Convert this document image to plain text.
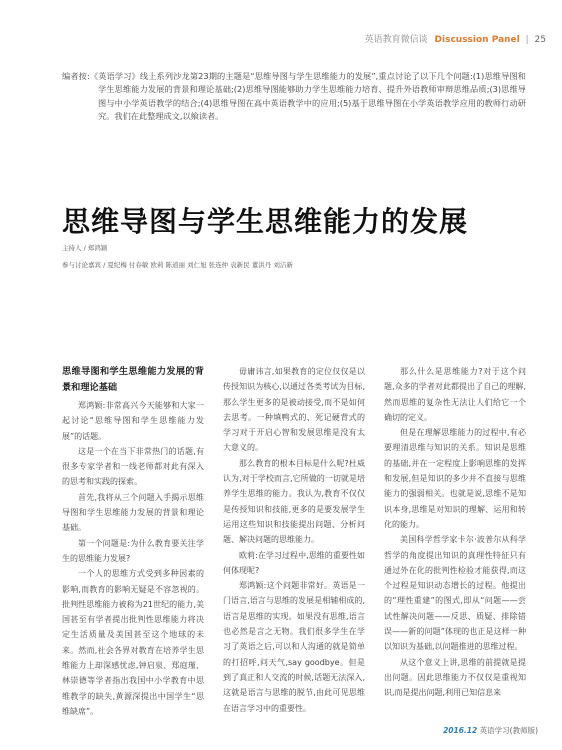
英语教育微信谈 Discussion Panel | 25
编者按:《英语学习》线上系列沙龙第23期的主题是“思维导图与学生思维能力的发展”,重点讨论了以下几个问题:(1)思维导图和学生思维能力发展的背景和理论基础;(2)思维导图能够助力学生思维能力培育、提升外语教师审辩思维品质;(3)思维导图与中小学英语教学的结合;(4)思维导图在高中英语教学中的应用;(5)基于思维导图在小学英语教学应用的教师行动研究。我们在此整理成文,以飨读者。
思维导图与学生思维能力的发展
主持人 / 郑鸿颖
参与讨论嘉宾 / 夏纪梅 付春敏 欧莉 陈道丽 刘仁旭 张连仲 袁新民 董洪丹 刘洁新
思维导图和学生思维能力发展的背景和理论基础

郑鸿颖:非常高兴今天能够和大家一起讨论“思维导图和学生思维能力发展”的话题。

这是一个在当下非常热门的话题,有很多专家学者和一线老师都对此有深入的思考和实践的探索。

首先,我将从三个问题入手揭示思维导图和学生思维能力发展的背景和理论基础。

第一个问题是:为什么教育要关注学生的思维能力发展?

一个人的思维方式受到多种因素的影响,而教育的影响无疑是不容忽视的。批判性思维能力被称为21世纪的能力,美国甚至有学者提出批判性思维能力将决定生活质量及美国甚至这个地球的未来。然而,社会各界对教育在培养学生思维能力上却深感忧虑,钟启泉、郑庭瑾、林崇德等学者指出我国中小学教育中思维教学的缺失,黄源深提出中国学生“思维缺席”。

毋庸讳言,如果教育的定位仅仅是以传授知识为核心,以通过各类考试为目标,那么学生更多的是被动接受,而不是如何去思考。一种填鸭式的、死记硬背式的学习对于开启心智和发展思维是没有太大意义的。

那么教育的根本目标是什么呢?杜威认为,对于学校而言,它所做的一切就是培养学生思维的能力。我认为,教育不仅仅是传授知识和技能,更多的是要发展学生运用这些知识和技能提出问题、分析问题、解决问题的思维能力。

欧莉:在学习过程中,思维的重要性如何体现呢?

郑鸿颖:这个问题非常好。英语是一门语言,语言与思维的发展是相辅相成的,语言是思维的实现。如果没有思维,语言也必然是言之无物。我们很多学生在学习了英语之后,可以和人沟通的就是简单的打招呼,问天气,say goodbye。但是到了真正和人交流的时候,话题无法深入,这就是语言与思维的脱节,由此可见思维在语言学习中的重要性。

那么什么是思维能力?对于这个问题,众多的学者对此都提出了自己的理解,然而思维的复杂性无法让人们给它一个确切的定义。

但是在理解思维能力的过程中,有必要理清思维与知识的关系。知识是思维的基础,并在一定程度上影响思维的发挥和发展,但是知识的多少并不直接与思维能力的强弱相关。也就是说,思维不是知识本身,思维是对知识的理解、运用和转化的能力。

美国科学哲学家卡尔·波普尔从科学哲学的角度提出知识的真理性特征只有通过外在化的批判性检验才能获得,而这个过程是知识动态增长的过程。他提出的“理性重建”的图式,即从“问题——尝试性解决问题——反思、质疑、排除错误——新的问题”体现的也正是这样一种以知识为基础,以问题推进的思维过程。

从这个意义上讲,思维的前提就是提出问题。因此思维能力不仅仅是重视知识,而是提出问题,利用已知信息来

2016.12 英语学习(教师版)
